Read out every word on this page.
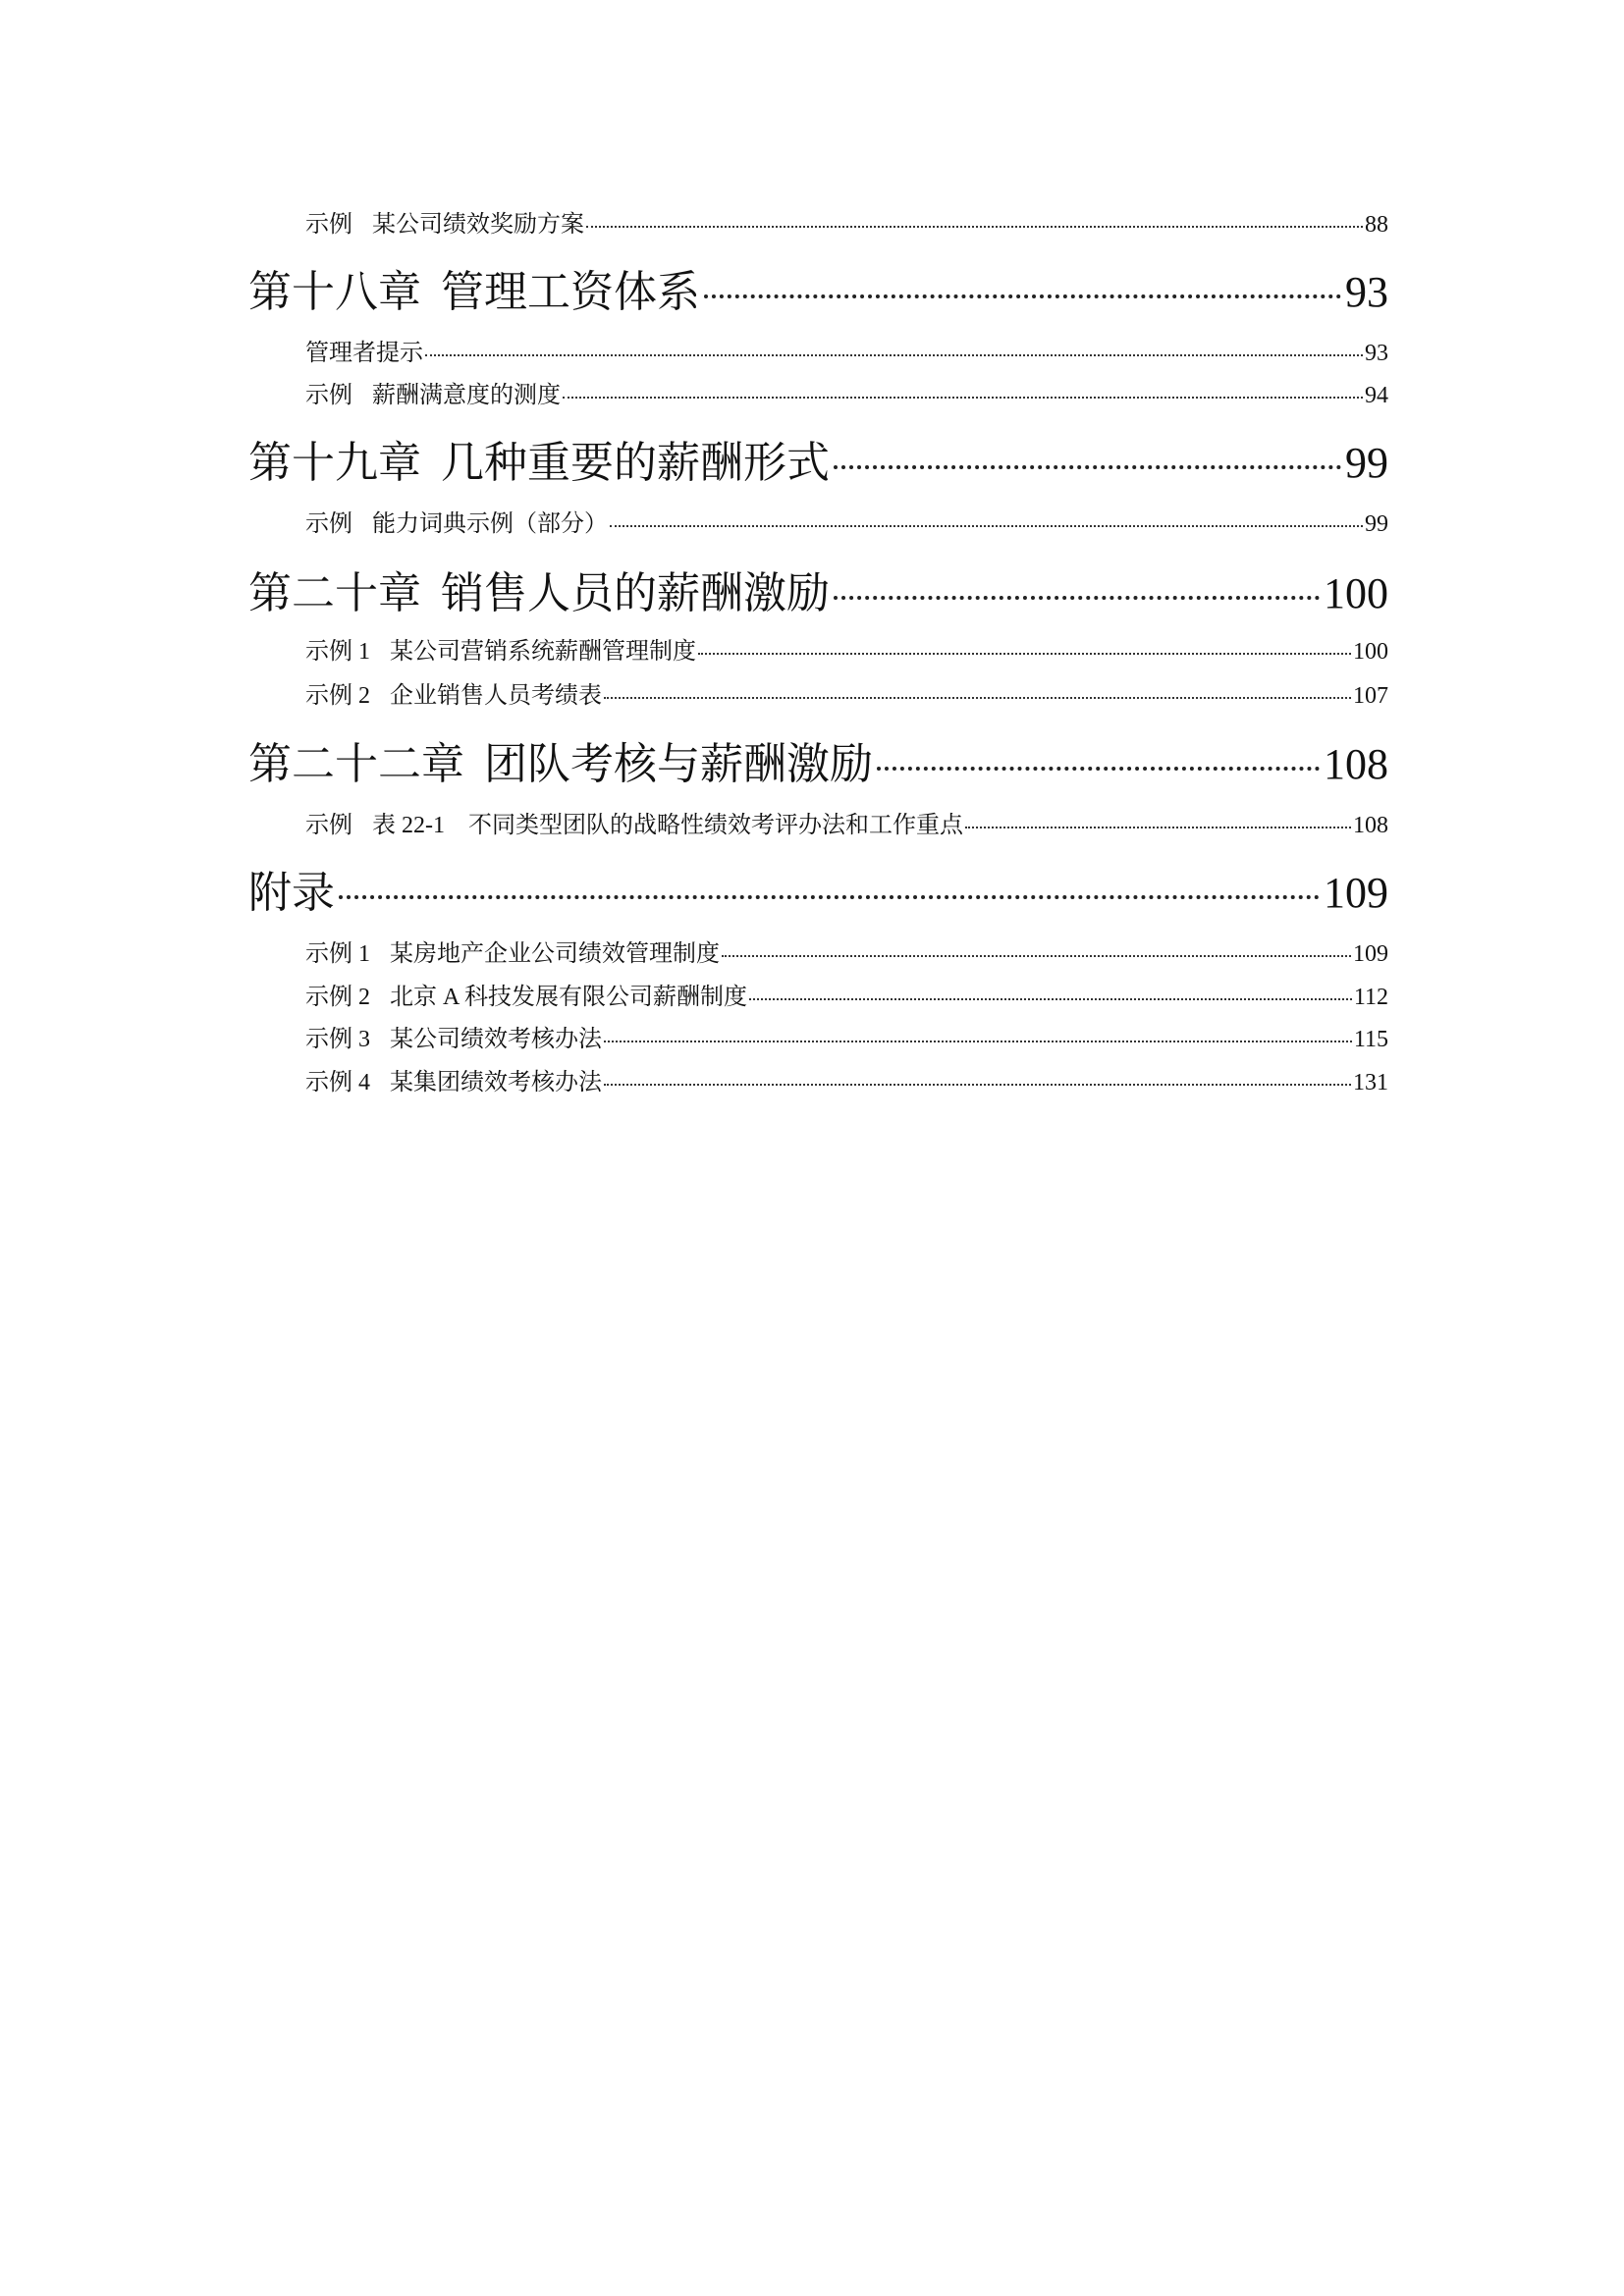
示例 某公司绩效奖励方案	88
第十八章 管理工资体系	93
管理者提示	93
示例 薪酬满意度的测度	94
第十九章 几种重要的薪酬形式	99
示例 能力词典示例（部分）	99
第二十章 销售人员的薪酬激励	100
示例 1 某公司营销系统薪酬管理制度	100
示例 2 企业销售人员考绩表	107
第二十二章 团队考核与薪酬激励	108
示例 表 22-1　不同类型团队的战略性绩效考评办法和工作重点	108
附录	109
示例 1 某房地产企业公司绩效管理制度	109
示例 2 北京 A 科技发展有限公司薪酬制度	112
示例 3 某公司绩效考核办法	115
示例 4 某集团绩效考核办法	131
